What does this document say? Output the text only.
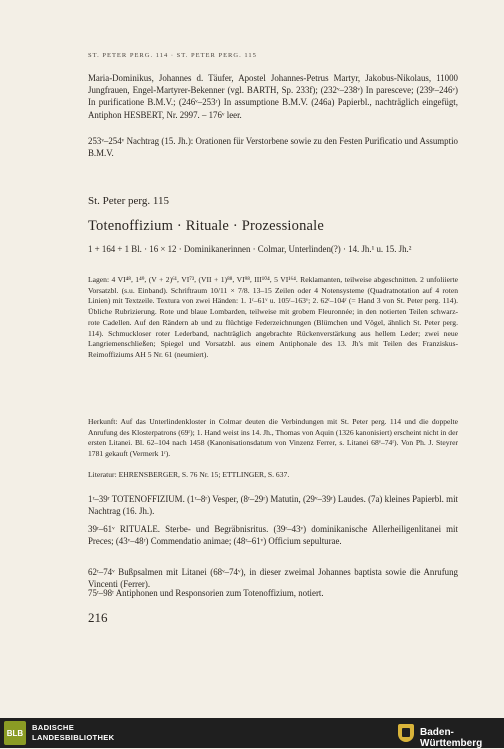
ST. PETER PERG. 114 · ST. PETER PERG. 115
Maria-Dominikus, Johannes d. Täufer, Apostel Johannes-Petrus Martyr, Jakobus-Nikolaus, 11000 Jungfrauen, Engel-Martyrer-Bekenner (vgl. BARTH, Sp. 233f); (232ᵛ–238ᵛ) In paresceve; (239ʳ–246ᵛ) In purificatione B.M.V.; (246ᵛ–253ʳ) In assumptione B.M.V. (246a) Papierbl., nachträglich eingefügt, Antiphon HESBERT, Nr. 2997. – 176ᵛ leer.
253ᵛ–254ᵛ Nachtrag (15. Jh.): Orationen für Verstorbene sowie zu den Festen Purificatio und Assumptio B.M.V.
St. Peter perg. 115
Totenoffizium · Rituale · Prozessionale
1 + 164 + 1 Bl. · 16 × 12 · Dominikanerinnen · Colmar, Unterlinden(?) · 14. Jh.¹ u. 15. Jh.²
Lagen: 4 VI⁴⁸, 1⁴⁹, (V + 2)⁶¹, VI⁷³, (VII + 1)⁸⁸, VI⁹⁸, III¹⁰⁴, 5 VI¹⁶⁴. Reklamanten, teilweise abgeschnitten. 2 unfoliierte Vorsatzbl. (s.u. Einband). Schriftraum 10/11 × 7/8. 13–15 Zeilen oder 4 Notensysteme (Quadratnotation auf 4 roten Linien) mit Textzeile. Textura von zwei Händen: 1. 1ʳ–61ᵛ u. 105ʳ–163ᵛ; 2. 62ʳ–104ʳ (= Hand 3 von St. Peter perg. 114). Übliche Rubrizierung. Rote und blaue Lombarden, teilweise mit grobem Fleuronnée; in den notierten Teilen schwarz-rote Cadellen. Auf den Rändern ab und zu flüchtige Federzeichnungen (Blümchen und Vögel, ähnlich St. Peter perg. 114). Schmuckloser roter Lederband, nachträglich angebrachte Rückenverstärkung aus hellem Leder; zwei neue Langriemenschließen; Spiegel und Vorsatzbl. aus einem Antiphonale des 13. Jh's mit Teilen des Franziskus-Reimoffiziums AH 5 Nr. 61 (neumiert).
Herkunft: Auf das Unterlindenkloster in Colmar deuten die Verbindungen mit St. Peter perg. 114 und die doppelte Anrufung des Klosterpatrons (69ʳ); 1. Hand weist ins 14. Jh., Thomas von Aquin (1326 kanonisiert) erscheint nicht in der ersten Litanei. Bl. 62–104 nach 1458 (Kanonisationsdatum von Vinzenz Ferrer, s. Litanei 68ᵛ–74ʳ). Von Ph. J. Steyrer 1781 gekauft (Vermerk 1ʳ).
Literatur: EHRENSBERGER, S. 76 Nr. 15; ETTLINGER, S. 637.
1ʳ–39ʳ TOTENOFFIZIUM. (1ʳ–8ʳ) Vesper, (8ʳ–29ʳ) Matutin, (29ᵛ–39ʳ) Laudes. (7a) kleines Papierbl. mit Nachtrag (16. Jh.).
39ʳ–61ᵛ RITUALE. Sterbe- und Begräbnisritus. (39ʳ–43ᵛ) dominikanische Allerheiligenlitanei mit Preces; (43ᵛ–48ʳ) Commendatio animae; (48ʳ–61ᵛ) Officium sepulturae.
62ʳ–74ᵛ Bußpsalmen mit Litanei (68ᵛ–74ᵛ), in dieser zweimal Johannes baptista sowie die Anrufung Vincenti (Ferrer).
75ʳ–98ʳ Antiphonen und Responsorien zum Totenoffizium, notiert.
216
BLB
BADISCHE
LANDESBIBLIOTHEK	Baden-Württemberg
